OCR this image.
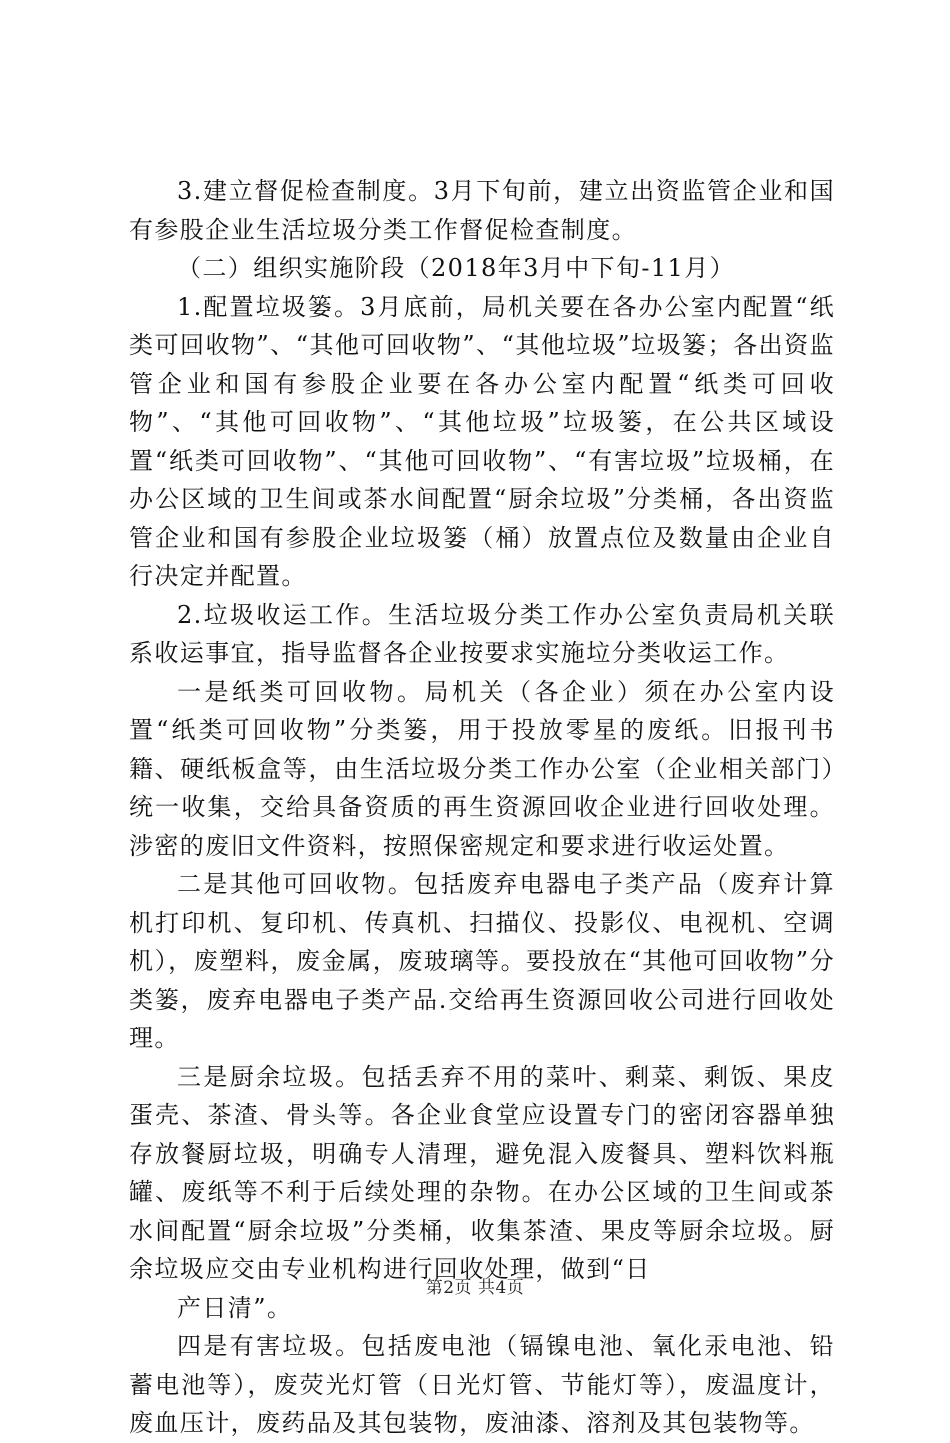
3.建立督促检查制度。3月下旬前，建立出资监管企业和国有参股企业生活垃圾分类工作督促检查制度。

（二）组织实施阶段（2018年3月中下旬-11月）

1.配置垃圾篓。3月底前，局机关要在各办公室内配置“纸类可回收物”、“其他可回收物”、“其他垃圾”垃圾篓；各出资监管企业和国有参股企业要在各办公室内配置“纸类可回收物”、“其他可回收物”、“其他垃圾”垃圾篓，在公共区域设置“纸类可回收物”、“其他可回收物”、“有害垃圾”垃圾桶，在办公区域的卫生间或茶水间配置“厨余垃圾”分类桶，各出资监管企业和国有参股企业垃圾篓（桶）放置点位及数量由企业自行决定并配置。

2.垃圾收运工作。生活垃圾分类工作办公室负责局机关联系收运事宜，指导监督各企业按要求实施垃分类收运工作。

一是纸类可回收物。局机关（各企业）须在办公室内设置“纸类可回收物”分类篓，用于投放零星的废纸。旧报刊书籍、硬纸板盒等，由生活垃圾分类工作办公室（企业相关部门）统一收集，交给具备资质的再生资源回收企业进行回收处理。涉密的废旧文件资料，按照保密规定和要求进行收运处置。

二是其他可回收物。包括废弃电器电子类产品（废弃计算机打印机、复印机、传真机、扫描仪、投影仪、电视机、空调机），废塑料，废金属，废玻璃等。要投放在“其他可回收物”分类篓，废弃电器电子类产品.交给再生资源回收公司进行回收处理。

三是厨余垃圾。包括丢弃不用的菜叶、剩菜、剩饭、果皮蛋壳、茶渣、骨头等。各企业食堂应设置专门的密闭容器单独存放餐厨垃圾，明确专人清理，避免混入废餐具、塑料饮料瓶罐、废纸等不利于后续处理的杂物。在办公区域的卫生间或茶水间配置“厨余垃圾”分类桶，收集茶渣、果皮等厨余垃圾。厨余垃圾应交由专业机构进行回收处理，做到“日

产日清”。

四是有害垃圾。包括废电池（镉镍电池、氧化汞电池、铅蓄电池等），废荧光灯管（日光灯管、节能灯等），废温度计，废血压计，废药品及其包装物，废油漆、溶剂及其包装物等。

第2页 共4页
